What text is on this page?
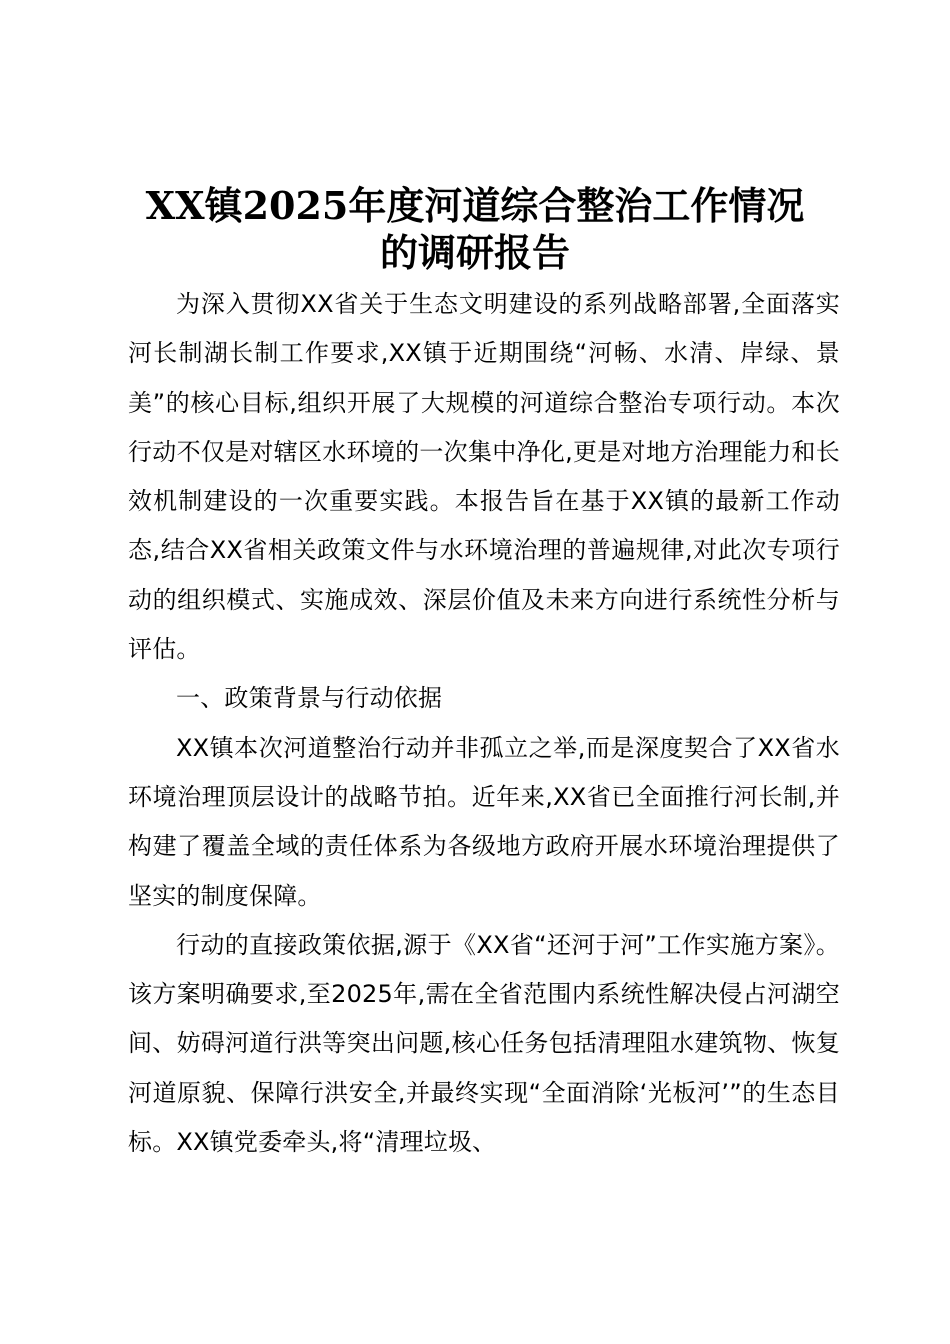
XX镇2025年度河道综合整治工作情况
的调研报告

为深入贯彻XX省关于生态文明建设的系列战略部署,全面落实河长制湖长制工作要求,XX镇于近期围绕“河畅、水清、岸绿、景美”的核心目标,组织开展了大规模的河道综合整治专项行动。本次行动不仅是对辖区水环境的一次集中净化,更是对地方治理能力和长效机制建设的一次重要实践。本报告旨在基于XX镇的最新工作动态,结合XX省相关政策文件与水环境治理的普遍规律,对此次专项行动的组织模式、实施成效、深层价值及未来方向进行系统性分析与评估。

一、政策背景与行动依据

XX镇本次河道整治行动并非孤立之举,而是深度契合了XX省水环境治理顶层设计的战略节拍。近年来,XX省已全面推行河长制,并构建了覆盖全域的责任体系为各级地方政府开展水环境治理提供了坚实的制度保障。

行动的直接政策依据,源于《XX省“还河于河”工作实施方案》。该方案明确要求,至2025年,需在全省范围内系统性解决侵占河湖空间、妨碍河道行洪等突出问题,核心任务包括清理阻水建筑物、恢复河道原貌、保障行洪安全,并最终实现“全面消除‘光板河’”的生态目标。XX镇党委牵头,将“清理垃圾、
